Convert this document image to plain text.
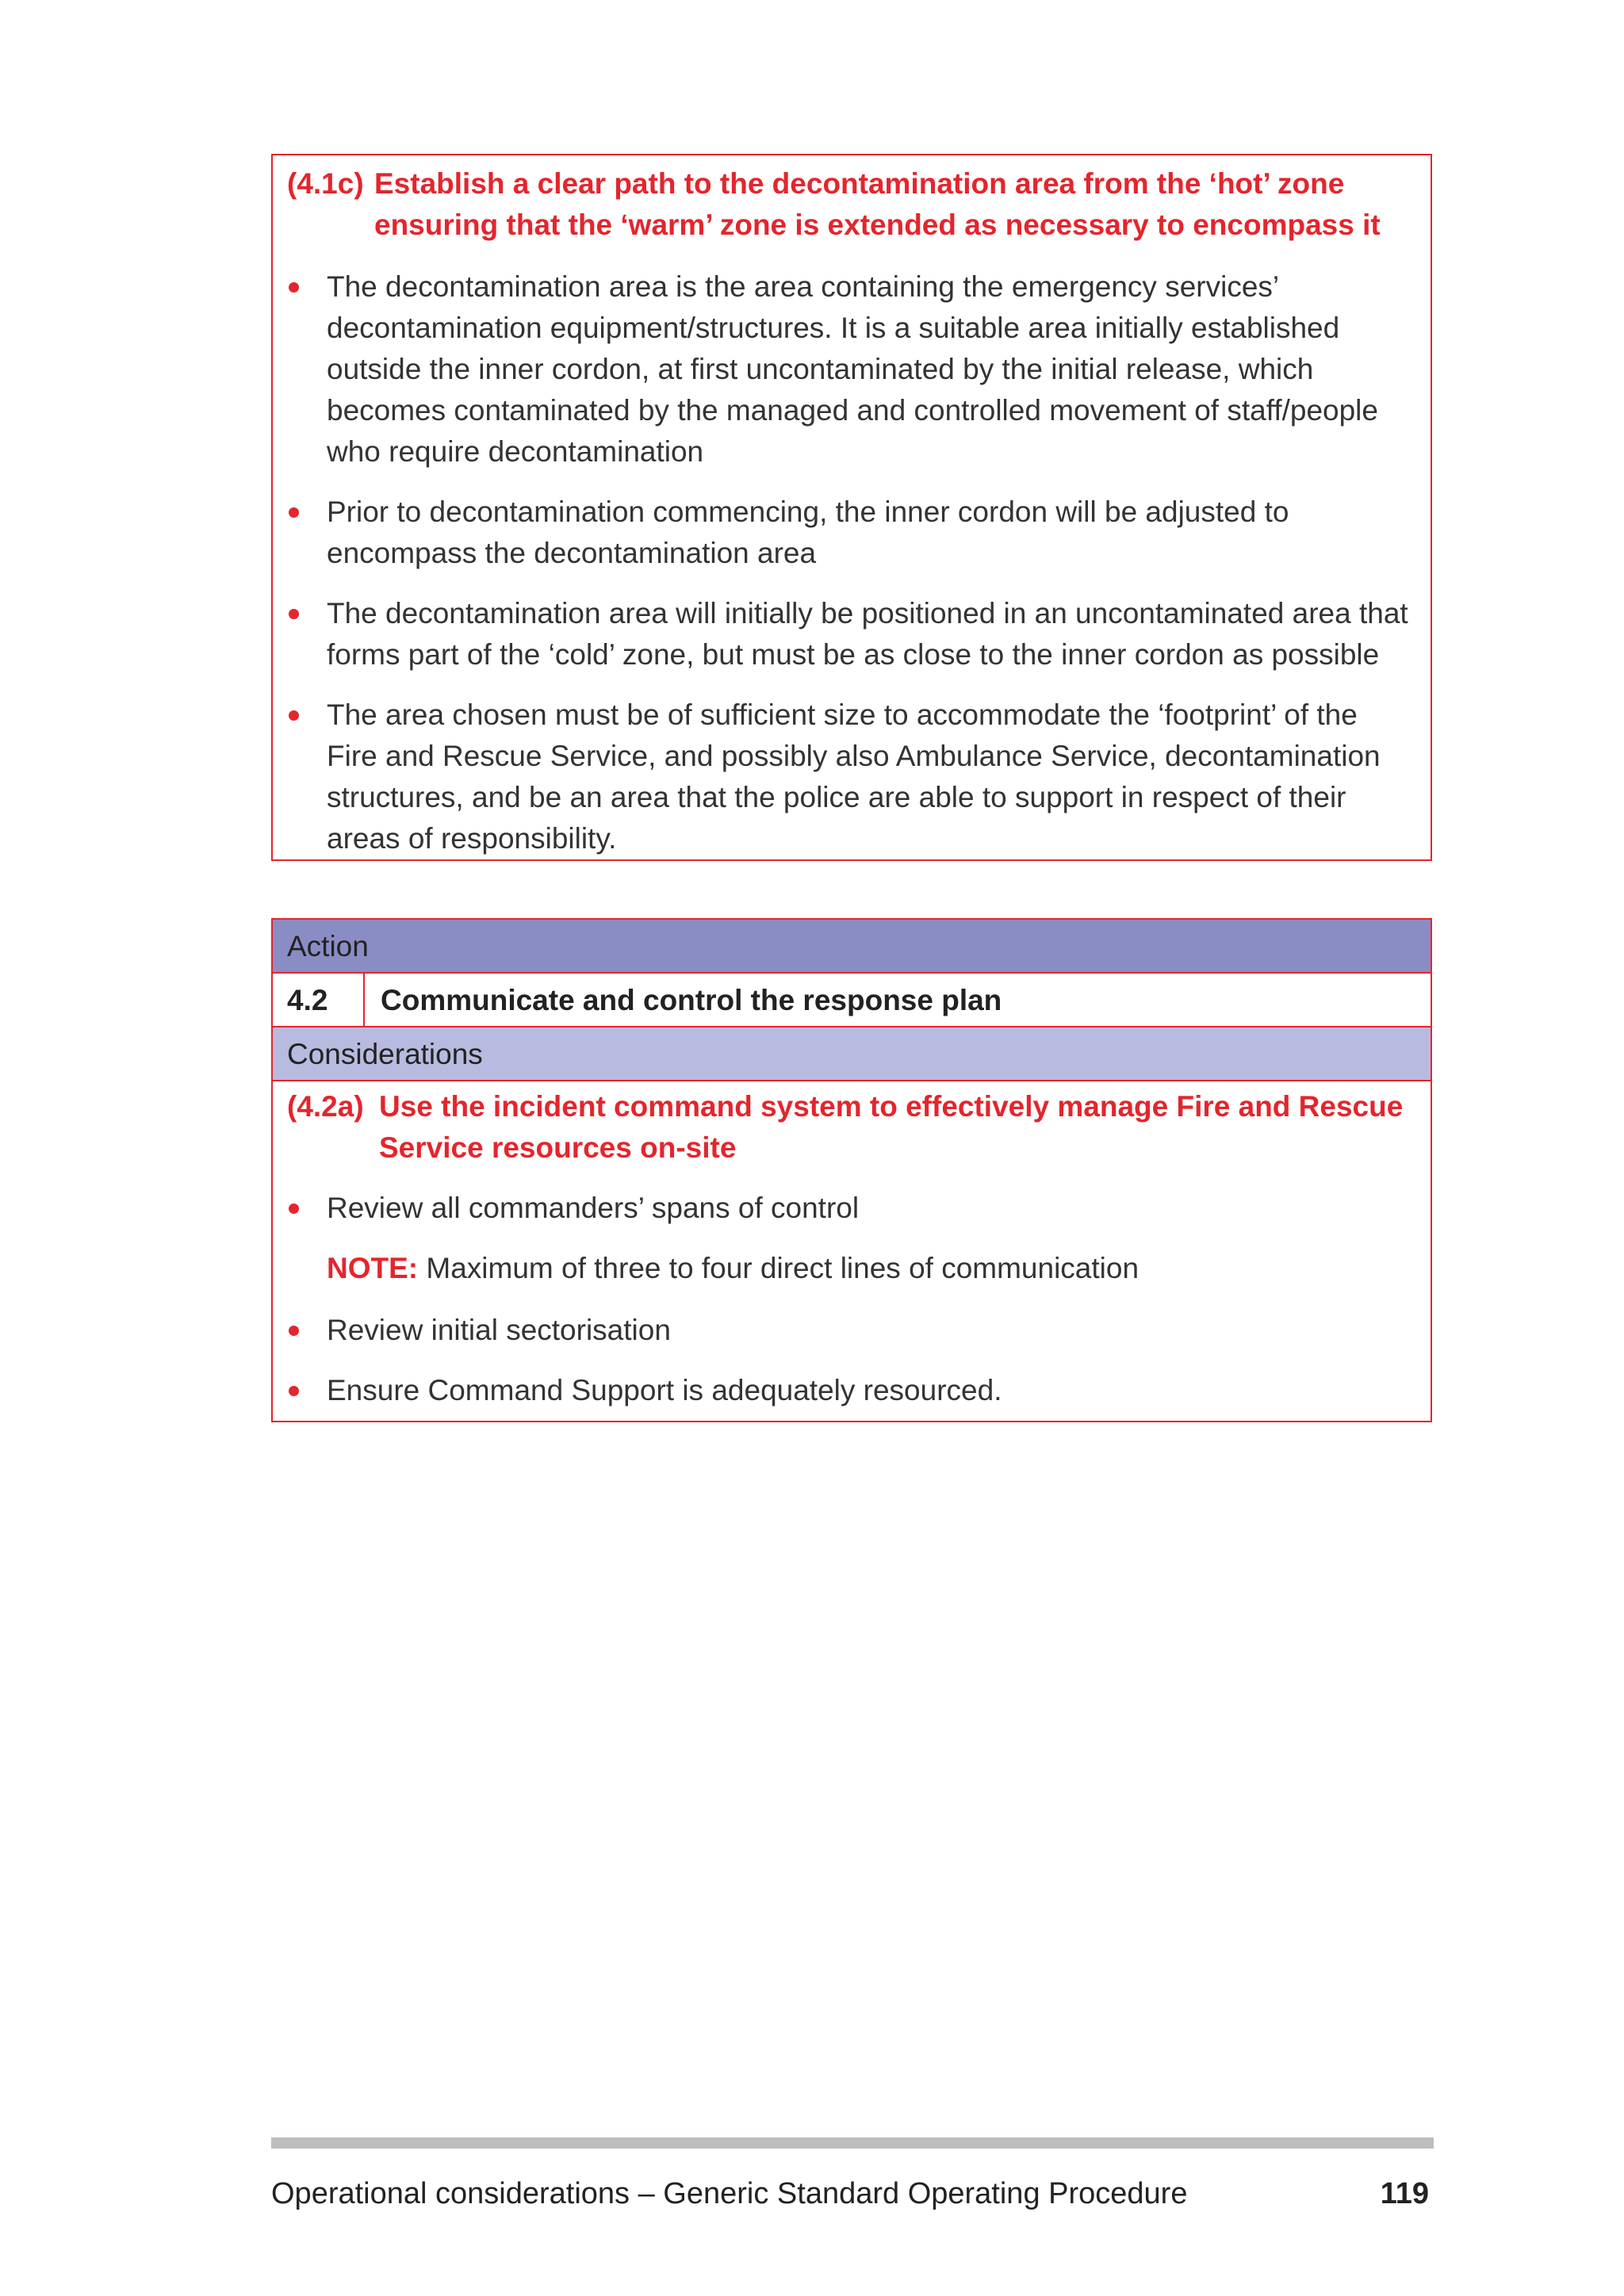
(4.1c) Establish a clear path to the decontamination area from the ‘hot’ zone
ensuring that the ‘warm’ zone is extended as necessary to encompass it
The decontamination area is the area containing the emergency services’ decontamination equipment/structures. It is a suitable area initially established outside the inner cordon, at first uncontaminated by the initial release, which becomes contaminated by the managed and controlled movement of staff/people who require decontamination
Prior to decontamination commencing, the inner cordon will be adjusted to encompass the decontamination area
The decontamination area will initially be positioned in an uncontaminated area that forms part of the ‘cold’ zone, but must be as close to the inner cordon as possible
The area chosen must be of sufficient size to accommodate the ‘footprint’ of the Fire and Rescue Service, and possibly also Ambulance Service, decontamination structures, and be an area that the police are able to support in respect of their areas of responsibility.
Action
4.2 Communicate and control the response plan
Considerations
(4.2a) Use the incident command system to effectively manage Fire and Rescue
Service resources on-site
Review all commanders’ spans of control
NOTE: Maximum of three to four direct lines of communication
Review initial sectorisation
Ensure Command Support is adequately resourced.
Operational considerations – Generic Standard Operating Procedure	119
